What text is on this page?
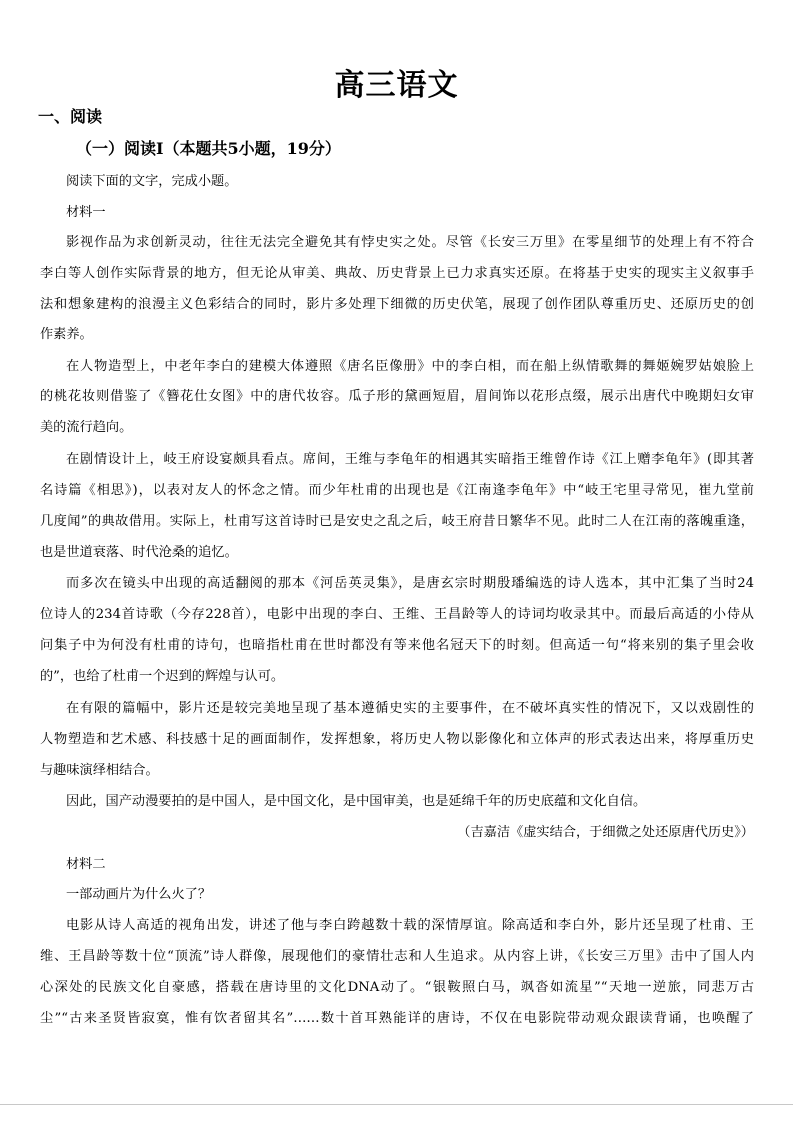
高三语文
一、阅读
（一）阅读Ⅰ（本题共5小题，19分）
阅读下面的文字，完成小题。
材料一
影视作品为求创新灵动，往往无法完全避免其有悖史实之处。尽管《长安三万里》在零星细节的处理上有不符合
李白等人创作实际背景的地方，但无论从审美、典故、历史背景上已力求真实还原。在将基于史实的现实主义叙事手
法和想象建构的浪漫主义色彩结合的同时，影片多处理下细微的历史伏笔，展现了创作团队尊重历史、还原历史的创
作素养。
在人物造型上，中老年李白的建模大体遵照《唐名臣像册》中的李白相，而在船上纵情歌舞的舞姬婉罗姑娘脸上
的桃花妆则借鉴了《簪花仕女图》中的唐代妆容。瓜子形的黛画短眉，眉间饰以花形点缀，展示出唐代中晚期妇女审
美的流行趋向。
在剧情设计上，岐王府设宴颇具看点。席间，王维与李龟年的相遇其实暗指王维曾作诗《江上赠李龟年》(即其著
名诗篇《相思》)，以表对友人的怀念之情。而少年杜甫的出现也是《江南逢李龟年》中“岐王宅里寻常见，崔九堂前
几度闻”的典故借用。实际上，杜甫写这首诗时已是安史之乱之后，岐王府昔日繁华不见。此时二人在江南的落魄重逢，
也是世道衰落、时代沧桑的追忆。
而多次在镜头中出现的高适翻阅的那本《河岳英灵集》，是唐玄宗时期殷璠编选的诗人选本，其中汇集了当时24
位诗人的234首诗歌（今存228首），电影中出现的李白、王维、王昌龄等人的诗词均收录其中。而最后高适的小侍从
问集子中为何没有杜甫的诗句，也暗指杜甫在世时都没有等来他名冠天下的时刻。但高适一句“将来别的集子里会收
的”，也给了杜甫一个迟到的辉煌与认可。
在有限的篇幅中，影片还是较完美地呈现了基本遵循史实的主要事件，在不破坏真实性的情况下，又以戏剧性的
人物塑造和艺术感、科技感十足的画面制作，发挥想象，将历史人物以影像化和立体声的形式表达出来，将厚重历史
与趣味演绎相结合。
因此，国产动漫要拍的是中国人，是中国文化，是中国审美，也是延绵千年的历史底蕴和文化自信。
（吉嘉洁《虚实结合，于细微之处还原唐代历史》）
材料二
一部动画片为什么火了？
电影从诗人高适的视角出发，讲述了他与李白跨越数十载的深情厚谊。除高适和李白外，影片还呈现了杜甫、王
维、王昌龄等数十位“顶流”诗人群像，展现他们的豪情壮志和人生追求。从内容上讲，《长安三万里》击中了国人内
心深处的民族文化自豪感，搭载在唐诗里的文化DNA动了。“银鞍照白马，飒沓如流星”“天地一逆旅，同悲万古
尘”“古来圣贤皆寂寞，惟有饮者留其名”……数十首耳熟能详的唐诗，不仅在电影院带动观众跟读背诵，也唤醒了
